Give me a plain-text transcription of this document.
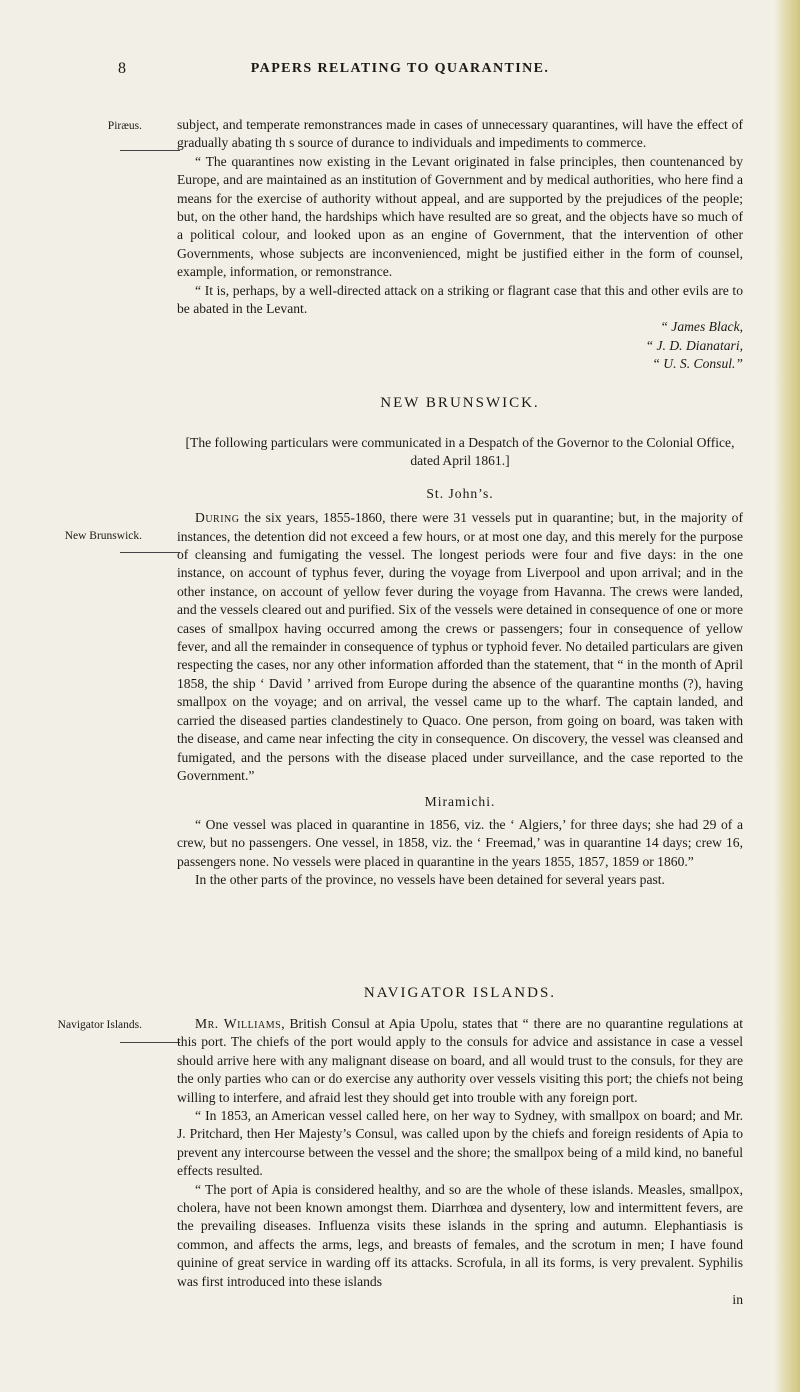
8	PAPERS RELATING TO QUARANTINE.
Piræus.
New Brunswick.
Navigator Islands.

subject, and temperate remonstrances made in cases of unnecessary quarantines, will have the effect of gradually abating th s source of durance to individuals and impediments to commerce.

“ The quarantines now existing in the Levant originated in false principles, then countenanced by Europe, and are maintained as an institution of Government and by medical authorities, who here find a means for the exercise of authority without appeal, and are supported by the prejudices of the people; but, on the other hand, the hardships which have resulted are so great, and the objects have so much of a political colour, and looked upon as an engine of Government, that the intervention of other Governments, whose subjects are inconvenienced, might be justified either in the form of counsel, example, information, or remonstrance.

“ It is, perhaps, by a well-directed attack on a striking or flagrant case that this and other evils are to be abated in the Levant.

“ James Black,

“ J. D. Dianatari,

“ U. S. Consul.”

NEW BRUNSWICK.

[The following particulars were communicated in a Despatch of the Governor to the Colonial Office, dated April 1861.]

St. John’s.

During the six years, 1855-1860, there were 31 vessels put in quarantine; but, in the majority of instances, the detention did not exceed a few hours, or at most one day, and this merely for the purpose of cleansing and fumigating the vessel. The longest periods were four and five days: in the one instance, on account of typhus fever, during the voyage from Liverpool and upon arrival; and in the other instance, on account of yellow fever during the voyage from Havanna. The crews were landed, and the vessels cleared out and purified. Six of the vessels were detained in consequence of one or more cases of smallpox having occurred among the crews or passengers; four in consequence of yellow fever, and all the remainder in consequence of typhus or typhoid fever. No detailed particulars are given respecting the cases, nor any other information afforded than the statement, that “ in the month of April 1858, the ship ‘ David ’ arrived from Europe during the absence of the quarantine months (?), having smallpox on the voyage; and on arrival, the vessel came up to the wharf. The captain landed, and carried the diseased parties clandestinely to Quaco. One person, from going on board, was taken with the disease, and came near infecting the city in consequence. On discovery, the vessel was cleansed and fumigated, and the persons with the disease placed under surveillance, and the case reported to the Government.”

Miramichi.

“ One vessel was placed in quarantine in 1856, viz. the ‘ Algiers,’ for three days; she had 29 of a crew, but no passengers. One vessel, in 1858, viz. the ‘ Freemad,’ was in quarantine 14 days; crew 16, passengers none. No vessels were placed in quarantine in the years 1855, 1857, 1859 or 1860.”

In the other parts of the province, no vessels have been detained for several years past.

NAVIGATOR ISLANDS.

Mr. Williams, British Consul at Apia Upolu, states that “ there are no quarantine regulations at this port. The chiefs of the port would apply to the consuls for advice and assistance in case a vessel should arrive here with any malignant disease on board, and all would trust to the consuls, for they are the only parties who can or do exercise any authority over vessels visiting this port; the chiefs not being willing to interfere, and afraid lest they should get into trouble with any foreign port.

“ In 1853, an American vessel called here, on her way to Sydney, with smallpox on board; and Mr. J. Pritchard, then Her Majesty’s Consul, was called upon by the chiefs and foreign residents of Apia to prevent any intercourse between the vessel and the shore; the smallpox being of a mild kind, no baneful effects resulted.

“ The port of Apia is considered healthy, and so are the whole of these islands. Measles, smallpox, cholera, have not been known amongst them. Diarrhœa and dysentery, low and intermittent fevers, are the prevailing diseases. Influenza visits these islands in the spring and autumn. Elephantiasis is common, and affects the arms, legs, and breasts of females, and the scrotum in men; I have found quinine of great service in warding off its attacks. Scrofula, in all its forms, is very prevalent. Syphilis was first introduced into these islands

in
